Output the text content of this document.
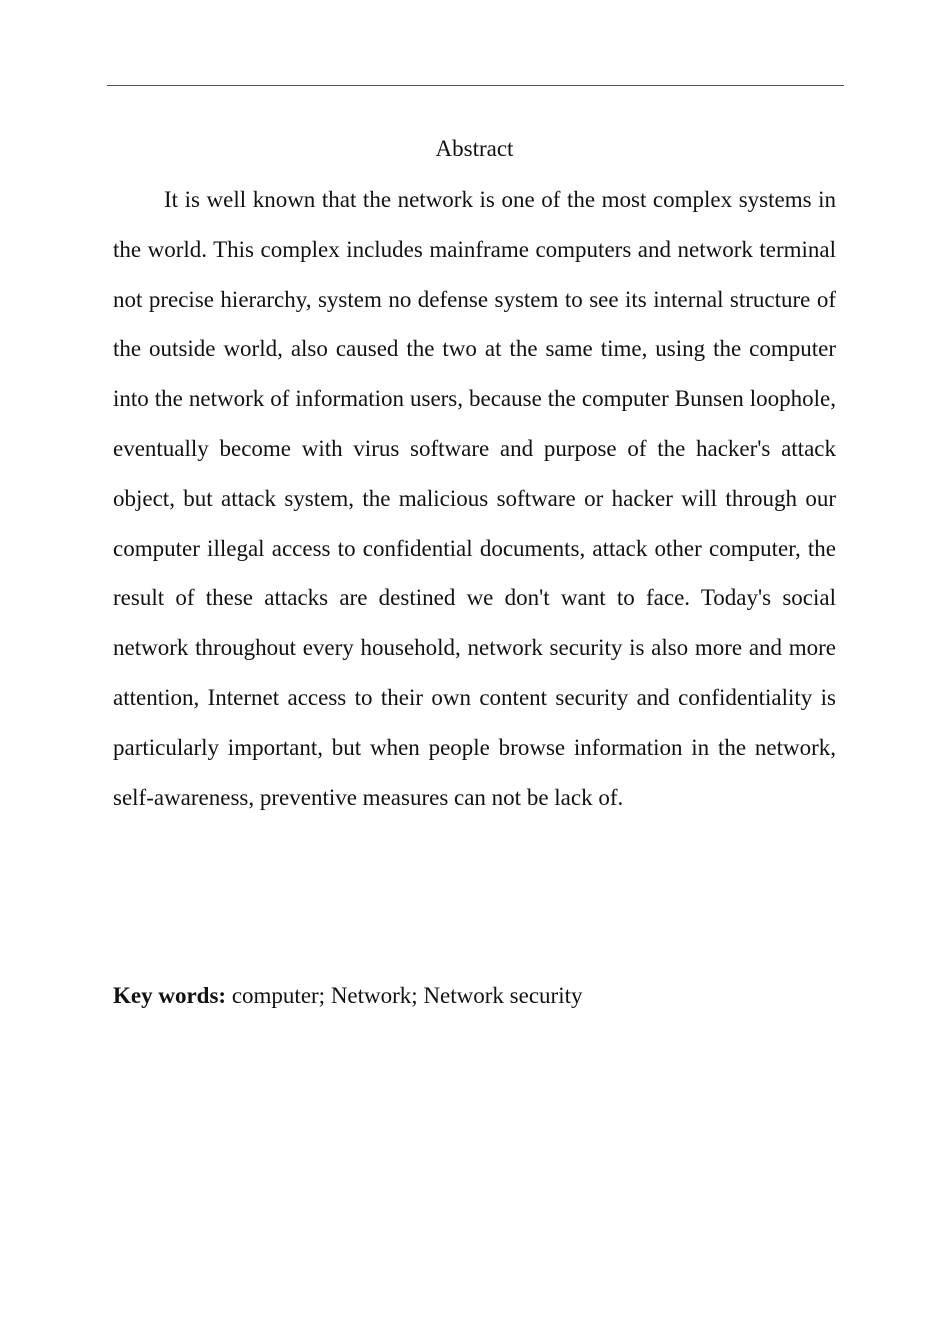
Abstract

It is well known that the network is one of the most complex systems in the world. This complex includes mainframe computers and network terminal not precise hierarchy, system no defense system to see its internal structure of the outside world, also caused the two at the same time, using the computer into the network of information users, because the computer Bunsen loophole, eventually become with virus software and purpose of the hacker's attack object, but attack system, the malicious software or hacker will through our computer illegal access to confidential documents, attack other computer, the result of these attacks are destined we don't want to face. Today's social network throughout every household, network security is also more and more attention, Internet access to their own content security and confidentiality is particularly important, but when people browse information in the network, self-awareness, preventive measures can not be lack of.

Key words: computer; Network; Network security
